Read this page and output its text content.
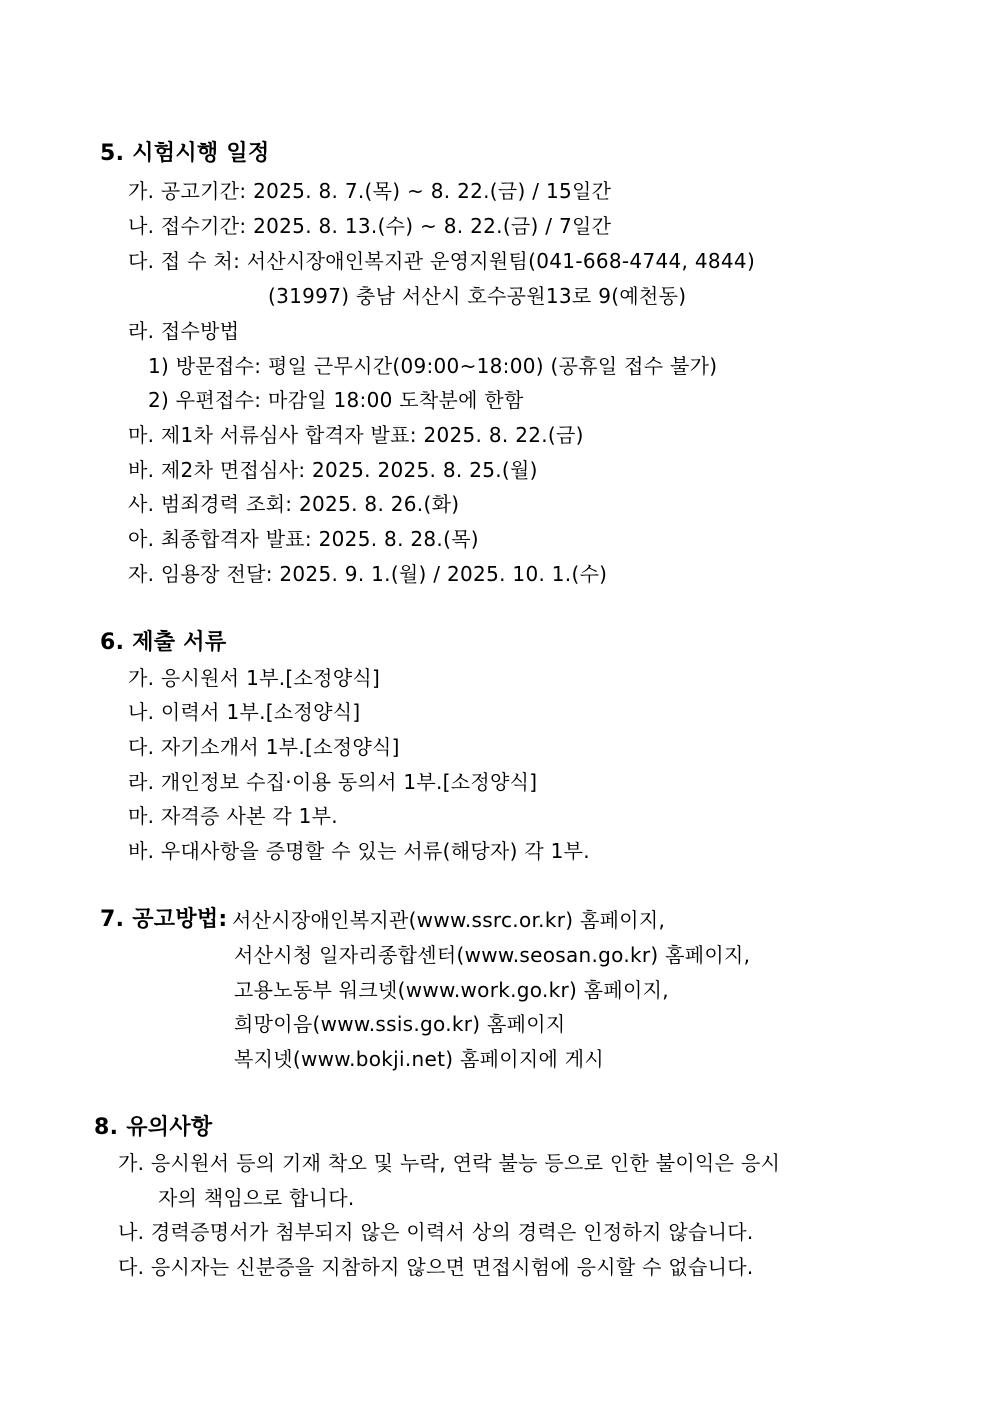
5. 시험시행 일정
가. 공고기간: 2025. 8. 7.(목) ~ 8. 22.(금) / 15일간
나. 접수기간: 2025. 8. 13.(수) ~ 8. 22.(금) / 7일간
다. 접 수 처: 서산시장애인복지관 운영지원팀(041-668-4744, 4844)
(31997) 충남 서산시 호수공원13로 9(예천동)
라. 접수방법
1) 방문접수: 평일 근무시간(09:00~18:00) (공휴일 접수 불가)
2) 우편접수: 마감일 18:00 도착분에 한함
마. 제1차 서류심사 합격자 발표: 2025. 8. 22.(금)
바. 제2차 면접심사: 2025. 2025. 8. 25.(월)
사. 범죄경력 조회: 2025. 8. 26.(화)
아. 최종합격자 발표: 2025. 8. 28.(목)
자. 임용장 전달: 2025. 9. 1.(월) / 2025. 10. 1.(수)
6. 제출 서류
가. 응시원서 1부.[소정양식]
나. 이력서 1부.[소정양식]
다. 자기소개서 1부.[소정양식]
라. 개인정보 수집·이용 동의서 1부.[소정양식]
마. 자격증 사본 각 1부.
바. 우대사항을 증명할 수 있는 서류(해당자) 각 1부.
7. 공고방법: 서산시장애인복지관(www.ssrc.or.kr) 홈페이지,
서산시청 일자리종합센터(www.seosan.go.kr) 홈페이지,
고용노동부 워크넷(www.work.go.kr) 홈페이지,
희망이음(www.ssis.go.kr) 홈페이지
복지넷(www.bokji.net) 홈페이지에 게시
8. 유의사항
가. 응시원서 등의 기재 착오 및 누락, 연락 불능 등으로 인한 불이익은 응시
자의 책임으로 합니다.
나. 경력증명서가 첨부되지 않은 이력서 상의 경력은 인정하지 않습니다.
다. 응시자는 신분증을 지참하지 않으면 면접시험에 응시할 수 없습니다.
